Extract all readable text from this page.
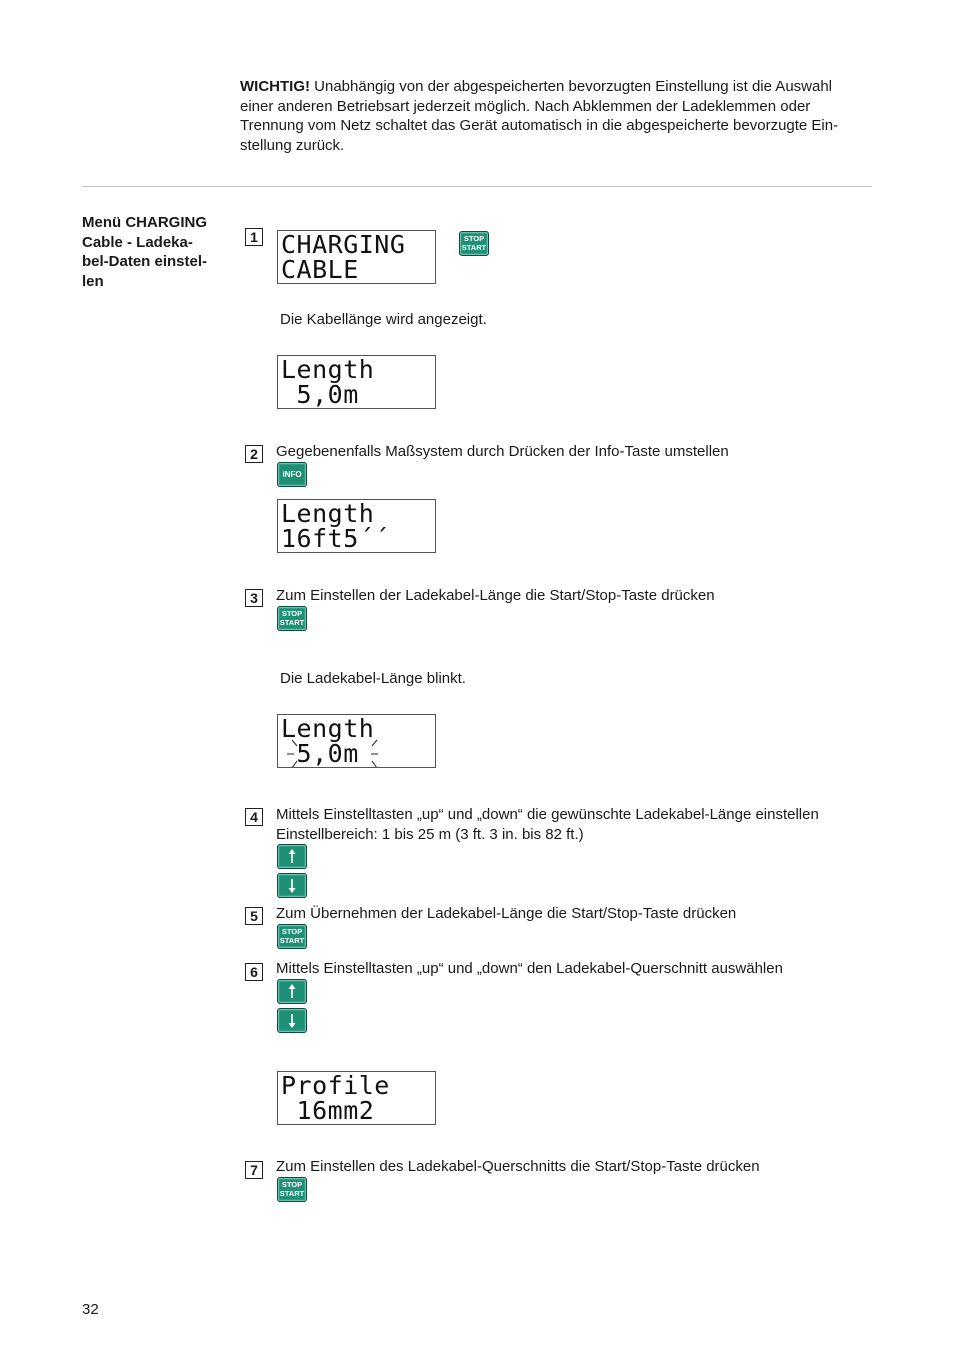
WICHTIG! Unabhängig von der abgespeicherten bevorzugten Einstellung ist die Auswahl
einer anderen Betriebsart jederzeit möglich. Nach Abklemmen der Ladeklemmen oder
Trennung vom Netz schaltet das Gerät automatisch in die abgespeicherte bevorzugte Ein-
stellung zurück.
Menü CHARGING
Cable - Ladeka-
bel-Daten einstel-
len
1 CHARGING
CABLE
STOP
START
Die Kabellänge wird angezeigt.
Length
5,0m
2	Gegebenenfalls Maßsystem durch Drücken der Info-Taste umstellen
INFO
Length
16ft5´´
3	Zum Einstellen der Ladekabel-Länge die Start/Stop-Taste drücken
STOP
START
Die Ladekabel-Länge blinkt.
Length
5,0m
4	Mittels Einstelltasten „up“ und „down“ die gewünschte Ladekabel-Länge einstellen
Einstellbereich: 1 bis 25 m (3 ft. 3 in. bis 82 ft.)
5	Zum Übernehmen der Ladekabel-Länge die Start/Stop-Taste drücken
STOP
START
6	Mittels Einstelltasten „up“ und „down“ den Ladekabel-Querschnitt auswählen
Profile
16mm2
7	Zum Einstellen des Ladekabel-Querschnitts die Start/Stop-Taste drücken
STOP
START
32
